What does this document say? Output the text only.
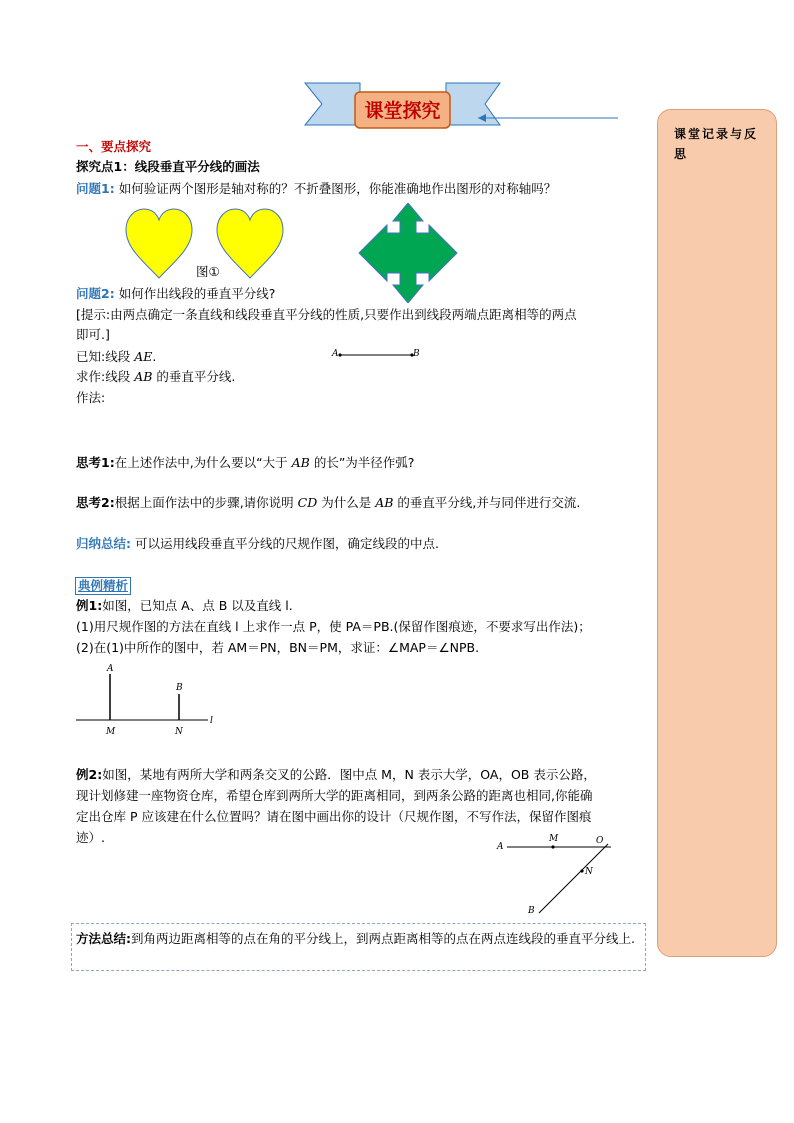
课堂探究
课堂记录与反思
一、要点探究
探究点1：线段垂直平分线的画法
问题1: 如何验证两个图形是轴对称的？不折叠图形，你能准确地作出图形的对称轴吗？
图①
问题2: 如何作出线段的垂直平分线?
[提示:由两点确定一条直线和线段垂直平分线的性质,只要作出到线段两端点距离相等的两点
即可.]
已知:线段 AE.
求作:线段 AB 的垂直平分线.
作法:
A	B
思考1:在上述作法中,为什么要以“大于 AB 的长”为半径作弧?
思考2:根据上面作法中的步骤,请你说明 CD 为什么是 AB 的垂直平分线,并与同伴进行交流.
归纳总结: 可以运用线段垂直平分线的尺规作图，确定线段的中点.
典例精析
例1:如图，已知点 A、点 B 以及直线 l.
(1)用尺规作图的方法在直线 l 上求作一点 P，使 PA＝PB.(保留作图痕迹，不要求写出作法)；
(2)在(1)中所作的图中，若 AM＝PN，BN＝PM，求证：∠MAP＝∠NPB.
A
B
M	N
l
例2:如图，某地有两所大学和两条交叉的公路．图中点 M，N 表示大学，OA，OB 表示公路，
现计划修建一座物资仓库，希望仓库到两所大学的距离相同，到两条公路的距离也相同,你能确
定出仓库 P 应该建在什么位置吗？请在图中画出你的设计（尺规作图，不写作法，保留作图痕
迹）.
A
M	O
N
B
方法总结:到角两边距离相等的点在角的平分线上，到两点距离相等的点在两点连线段的垂直平分线上.
